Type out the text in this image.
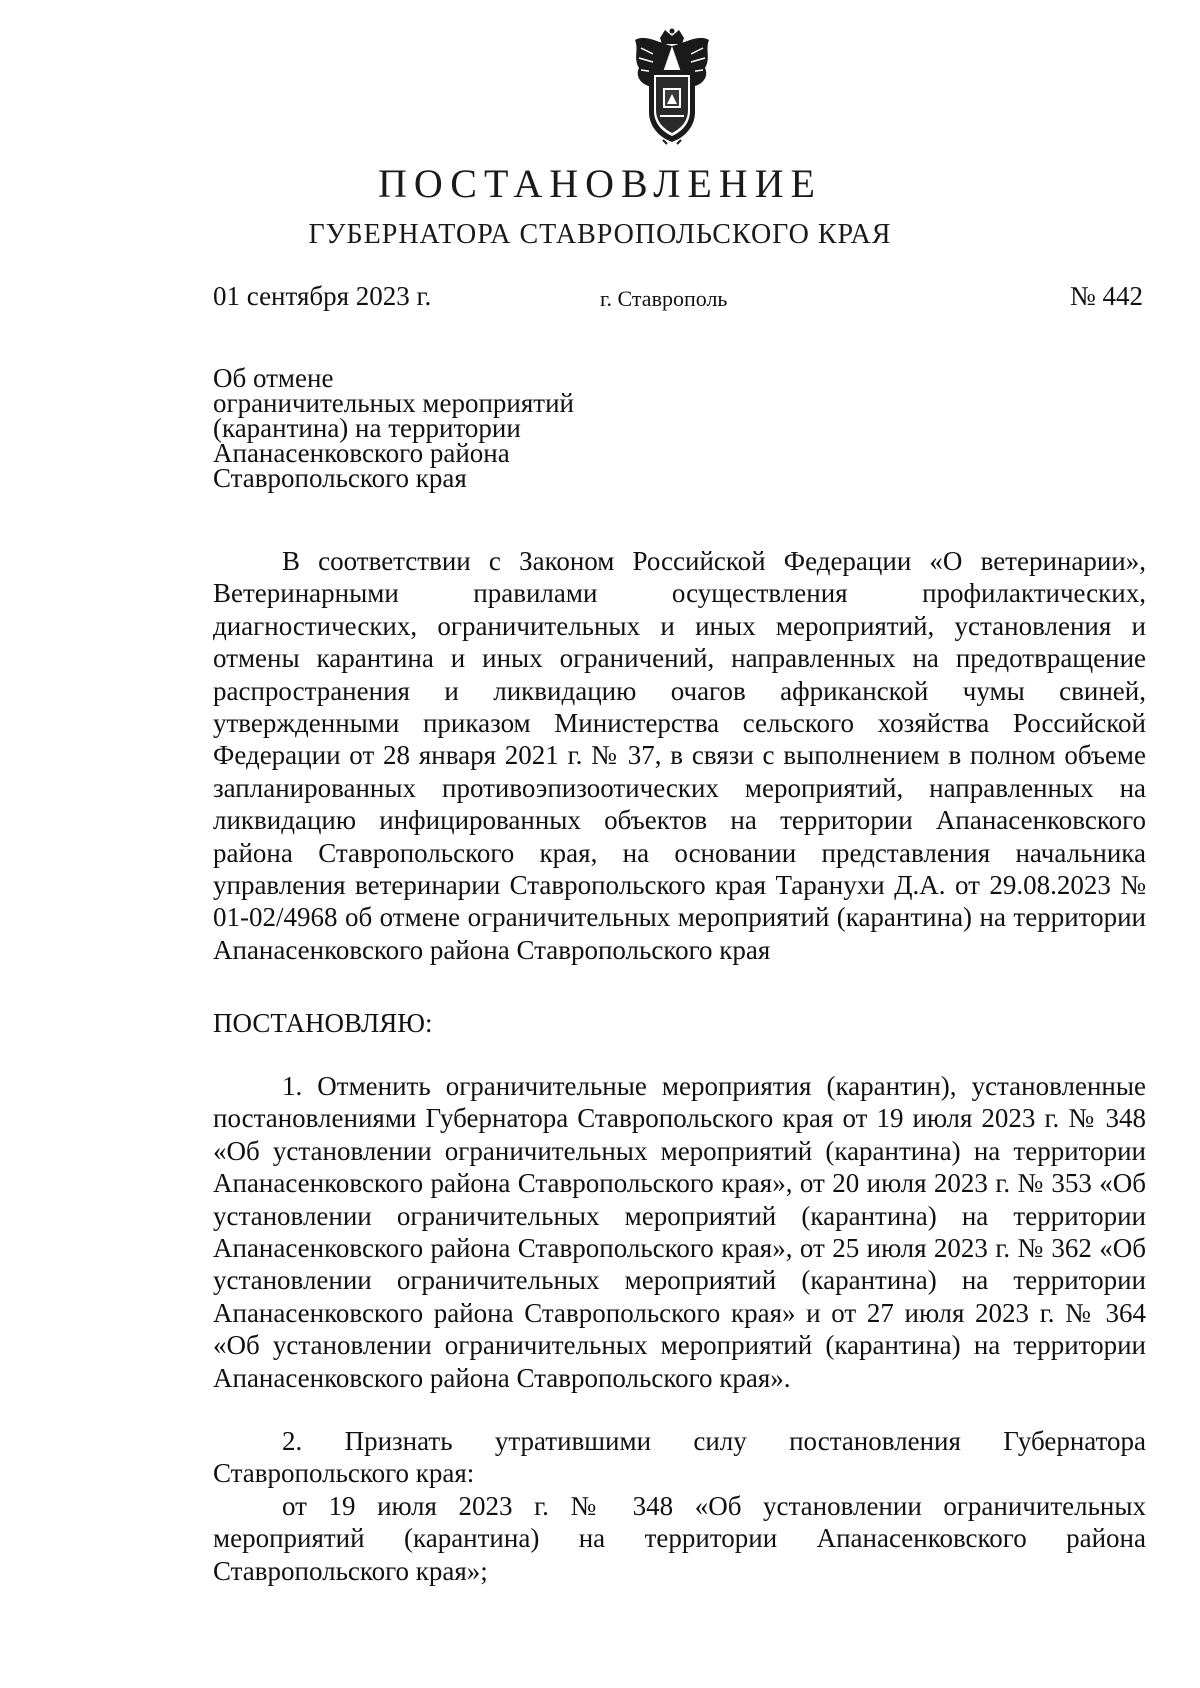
ПОСТАНОВЛЕНИЕ
ГУБЕРНАТОРА СТАВРОПОЛЬСКОГО КРАЯ
01 сентября 2023 г.	г. Ставрополь	№ 442
Об отмене
ограничительных мероприятий
(карантина) на территории
Апанасенковского района
Ставропольского края

В соответствии с Законом Российской Федерации «О ветеринарии», Ветеринарными правилами осуществления профилактических, диагностических, ограничительных и иных мероприятий, установления и отмены карантина и иных ограничений, направленных на предотвращение распространения и ликвидацию очагов африканской чумы свиней, утвержденными приказом Министерства сельского хозяйства Российской Федерации от 28 января 2021 г. № 37, в связи с выполнением в полном объеме запланированных противоэпизоотических мероприятий, направленных на ликвидацию инфицированных объектов на территории Апанасенковского района Ставропольского края, на основании представления начальника управления ветеринарии Ставропольского края Таранухи Д.А. от 29.08.2023 № 01-02/4968 об отмене ограничительных мероприятий (карантина) на территории Апанасенковского района Ставропольского края

ПОСТАНОВЛЯЮ:

1. Отменить ограничительные мероприятия (карантин), установленные постановлениями Губернатора Ставропольского края от 19 июля 2023 г. № 348 «Об установлении ограничительных мероприятий (карантина) на территории Апанасенковского района Ставропольского края», от 20 июля 2023 г. № 353 «Об установлении ограничительных мероприятий (карантина) на территории Апанасенковского района Ставропольского края», от 25 июля 2023 г. № 362 «Об установлении ограничительных мероприятий (карантина) на территории Апанасенковского района Ставропольского края» и от 27 июля 2023 г. № 364 «Об установлении ограничительных мероприятий (карантина) на территории Апанасенковского района Ставропольского края».

2. Признать утратившими силу постановления Губернатора Ставропольского края:

от 19 июля 2023 г. № 348 «Об установлении ограничительных мероприятий (карантина) на территории Апанасенковского района Ставропольского края»;
